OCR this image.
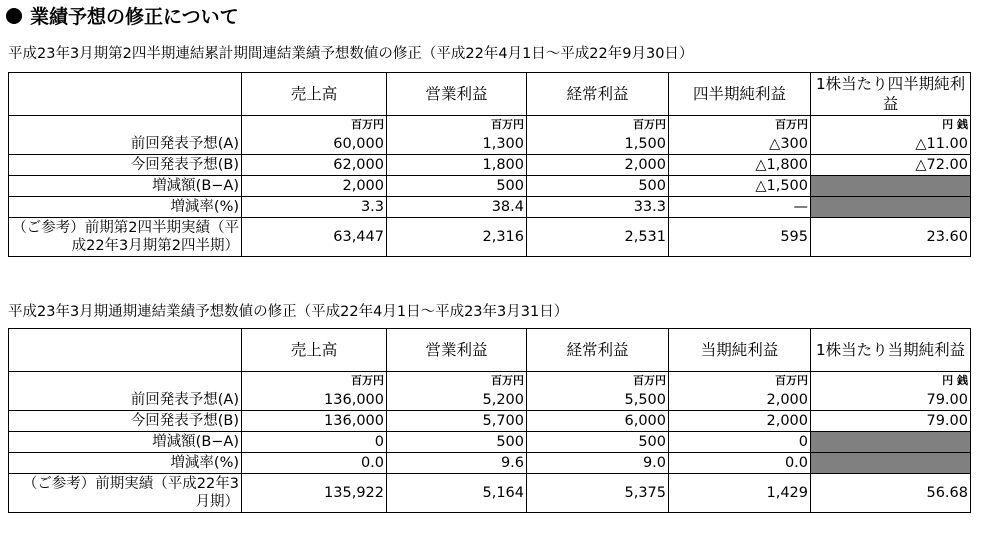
業績予想の修正について
平成23年3月期第2四半期連結累計期間連結業績予想数値の修正（平成22年4月1日～平成22年9月30日）
	売上高	営業利益	経常利益	四半期純利益	1株当たり四半期純利益
	百万円	百万円	百万円	百万円	円 銭
前回発表予想(A)	60,000	1,300	1,500	△300	△11.00
今回発表予想(B)	62,000	1,800	2,000	△1,800	△72.00
増減額(B−A)	2,000	500	500	△1,500	
増減率(%)	3.3	38.4	33.3	—	
（ご参考）前期第2四半期実績（平成22年3月期第2四半期）	63,447	2,316	2,531	595	23.60
平成23年3月期通期連結業績予想数値の修正（平成22年4月1日～平成23年3月31日）
	売上高	営業利益	経常利益	当期純利益	1株当たり当期純利益
	百万円	百万円	百万円	百万円	円 銭
前回発表予想(A)	136,000	5,200	5,500	2,000	79.00
今回発表予想(B)	136,000	5,700	6,000	2,000	79.00
増減額(B−A)	0	500	500	0	
増減率(%)	0.0	9.6	9.0	0.0	
（ご参考）前期実績（平成22年3月期）	135,922	5,164	5,375	1,429	56.68
